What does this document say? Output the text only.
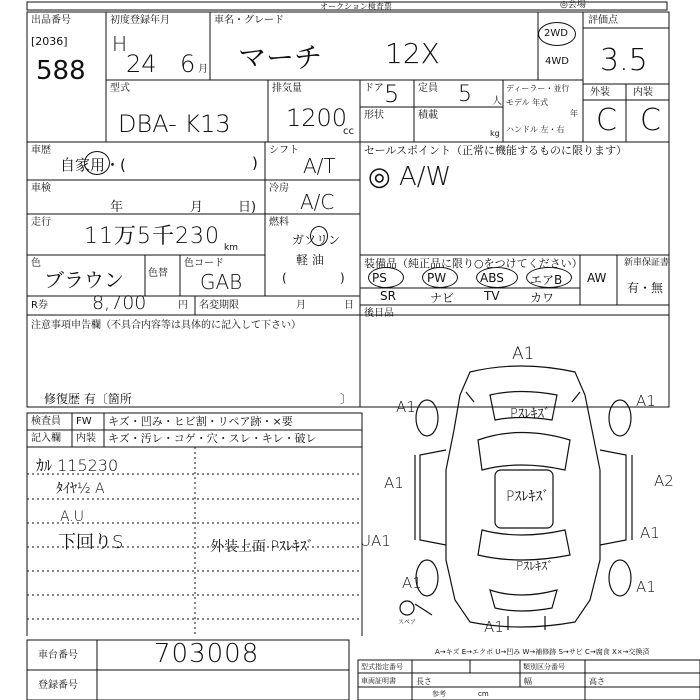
オークション検査票	◎会場
出品番号
[2036]
588
初度登録年月
H
24 6 月
車名・グレード
マーチ 12X
2WD
4WD
評価点
3.5
型式
DBA- K13
排気量
1200
cc
ドア 5 定員 5 人
形状	積載
kg
ディーラー・並行
モデル 年式
年
ハンドル 左・右
外装 内装
C C
車歴
自家用・(	)
シフト
A/T
セールスポイント（正常に機能するものに限ります）
◎ A/W
車検
年	月	日)
冷房
A/C
走行
11万5千230 km
燃料
ガソリン
軽 油
(	)
装備品（純正品に限り○をつけてください）
PS	PW	ABS エアB AW
SR	ナビ TV	カワ
新車保証書
有・無
色
ブラウン 色替
色コード
GAB
R券 8,700	円 名変期限	月	日
注意事項申告欄（不具合内容等は具体的に記入して下さい）
修復歴 有〔箇所	〕
後日品
検査員
記入欄
FW キズ・凹み・ヒビ割・リペア跡・×要
内装 キズ・汚レ・コゲ・穴・スレ・キレ・破レ
ｶﾙ 115230
ﾀｲﾔ½ A
A.U
下回りS	外装上面 Pｽﾚｷｽﾞ
A1
A1	A1
A1	A2
A1
UA1
A1	A1
A1
Pｽﾚｷｽﾞ
Pｽﾚｷｽﾞ
Pｽﾚｷｽﾞ
スペア
A→キズ E→エクボ U→凹み W→補修跡 S→サビ C→腐食 X×→交換済
車台番号	703008
登録番号
型式指定番号	類別区分番号
車両証明書	長さ	幅	高さ
参考	cm
